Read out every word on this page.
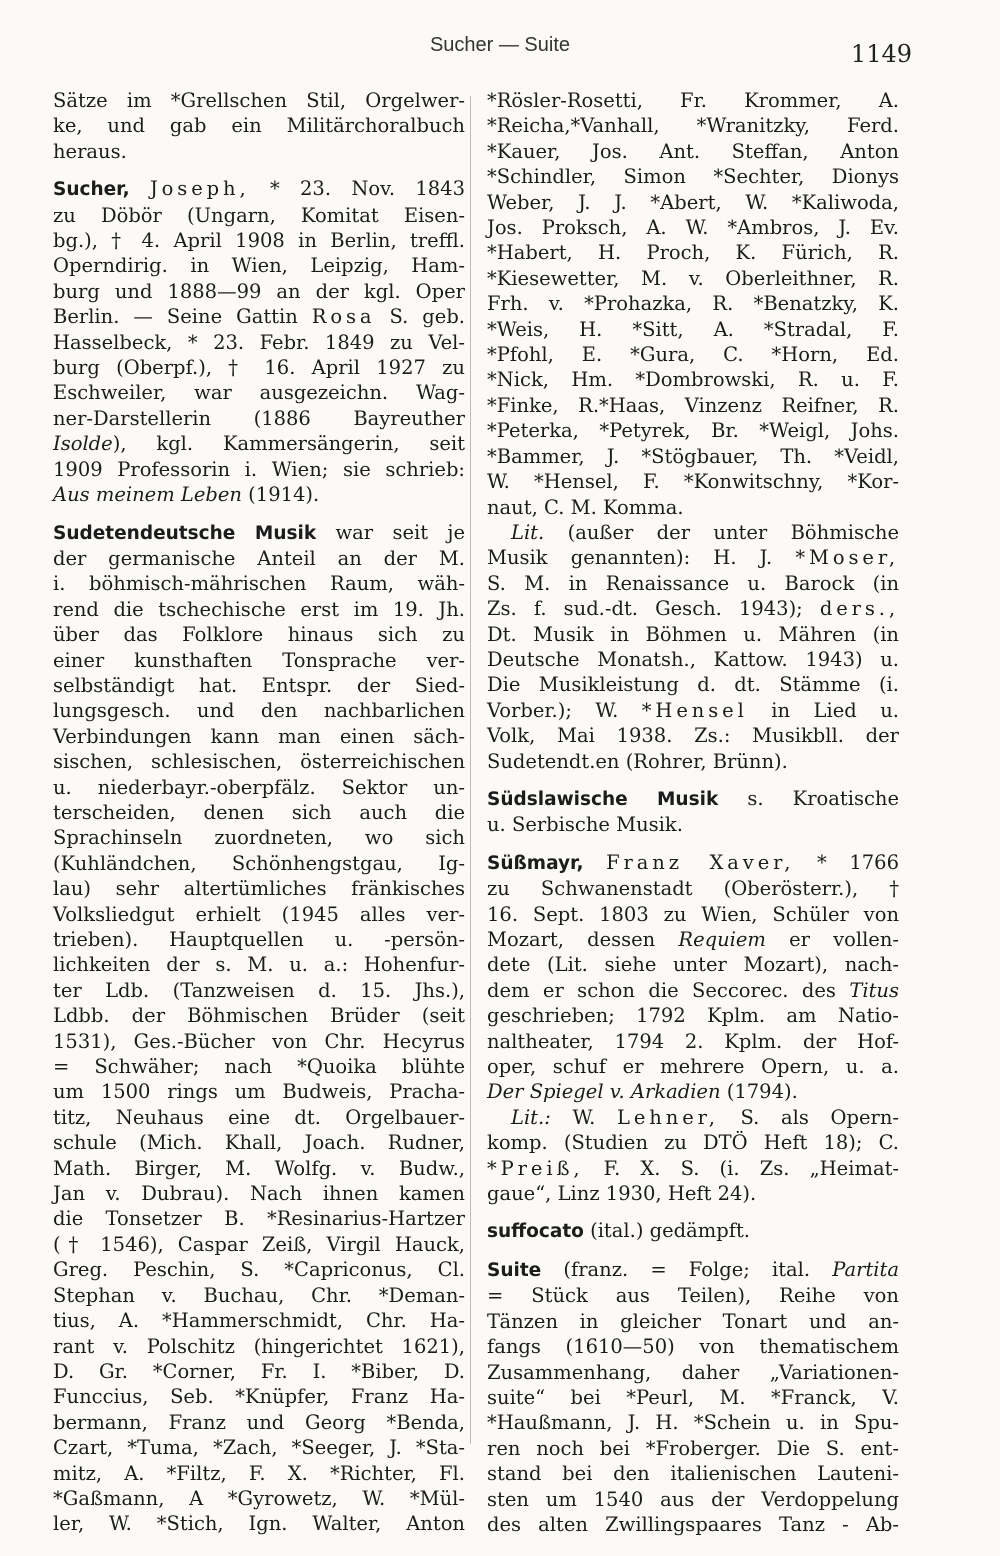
Sucher — Suite	1149
Sätze im *Grellschen Stil, Orgelwer-
ke, und gab ein Militärchoralbuch
heraus.
Sucher, Joseph, * 23. Nov. 1843
zu Döbör (Ungarn, Komitat Eisen-
bg.), † 4. April 1908 in Berlin, treffl.
Operndirig. in Wien, Leipzig, Ham-
burg und 1888—99 an der kgl. Oper
Berlin. — Seine Gattin Rosa S. geb.
Hasselbeck, * 23. Febr. 1849 zu Vel-
burg (Oberpf.), † 16. April 1927 zu
Eschweiler, war ausgezeichn. Wag-
ner-Darstellerin (1886 Bayreuther
Isolde), kgl. Kammersängerin, seit
1909 Professorin i. Wien; sie schrieb:
Aus meinem Leben (1914).
Sudetendeutsche Musik war seit je
der germanische Anteil an der M.
i. böhmisch-mährischen Raum, wäh-
rend die tschechische erst im 19. Jh.
über das Folklore hinaus sich zu
einer kunsthaften Tonsprache ver-
selbständigt hat. Entspr. der Sied-
lungsgesch. und den nachbarlichen
Verbindungen kann man einen säch-
sischen, schlesischen, österreichischen
u. niederbayr.-oberpfälz. Sektor un-
terscheiden, denen sich auch die
Sprachinseln zuordneten, wo sich
(Kuhländchen, Schönhengstgau, Ig-
lau) sehr altertümliches fränkisches
Volksliedgut erhielt (1945 alles ver-
trieben). Hauptquellen u. -persön-
lichkeiten der s. M. u. a.: Hohenfur-
ter Ldb. (Tanzweisen d. 15. Jhs.),
Ldbb. der Böhmischen Brüder (seit
1531), Ges.-Bücher von Chr. Hecyrus
= Schwäher; nach *Quoika blühte
um 1500 rings um Budweis, Pracha-
titz, Neuhaus eine dt. Orgelbauer-
schule (Mich. Khall, Joach. Rudner,
Math. Birger, M. Wolfg. v. Budw.,
Jan v. Dubrau). Nach ihnen kamen
die Tonsetzer B. *Resinarius-Hartzer
(† 1546), Caspar Zeiß, Virgil Hauck,
Greg. Peschin, S. *Capriconus, Cl.
Stephan v. Buchau, Chr. *Deman-
tius, A. *Hammerschmidt, Chr. Ha-
rant v. Polschitz (hingerichtet 1621),
D. Gr. *Corner, Fr. I. *Biber, D.
Funccius, Seb. *Knüpfer, Franz Ha-
bermann, Franz und Georg *Benda,
Czart, *Tuma, *Zach, *Seeger, J. *Sta-
mitz, A. *Filtz, F. X. *Richter, Fl.
*Gaßmann, A *Gyrowetz, W. *Mül-
ler, W. *Stich, Ign. Walter, Anton
*Rösler-Rosetti, Fr. Krommer, A.
*Reicha,*Vanhall, *Wranitzky, Ferd.
*Kauer, Jos. Ant. Steffan, Anton
*Schindler, Simon *Sechter, Dionys
Weber, J. J. *Abert, W. *Kaliwoda,
Jos. Proksch, A. W. *Ambros, J. Ev.
*Habert, H. Proch, K. Fürich, R.
*Kiesewetter, M. v. Oberleithner, R.
Frh. v. *Prohazka, R. *Benatzky, K.
*Weis, H. *Sitt, A. *Stradal, F.
*Pfohl, E. *Gura, C. *Horn, Ed.
*Nick, Hm. *Dombrowski, R. u. F.
*Finke, R.*Haas, Vinzenz Reifner, R.
*Peterka, *Petyrek, Br. *Weigl, Johs.
*Bammer, J. *Stögbauer, Th. *Veidl,
W. *Hensel, F. *Konwitschny, *Kor-
naut, C. M. Komma.
Lit. (außer der unter Böhmische
Musik genannten): H. J. *Moser,
S. M. in Renaissance u. Barock (in
Zs. f. sud.-dt. Gesch. 1943); ders.,
Dt. Musik in Böhmen u. Mähren (in
Deutsche Monatsh., Kattow. 1943) u.
Die Musikleistung d. dt. Stämme (i.
Vorber.); W. *Hensel in Lied u.
Volk, Mai 1938. Zs.: Musikbll. der
Sudetendt.en (Rohrer, Brünn).
Südslawische Musik s. Kroatische
u. Serbische Musik.
Süßmayr, Franz Xaver, * 1766
zu Schwanenstadt (Oberösterr.), †
16. Sept. 1803 zu Wien, Schüler von
Mozart, dessen Requiem er vollen-
dete (Lit. siehe unter Mozart), nach-
dem er schon die Seccorec. des Titus
geschrieben; 1792 Kplm. am Natio-
naltheater, 1794 2. Kplm. der Hof-
oper, schuf er mehrere Opern, u. a.
Der Spiegel v. Arkadien (1794).
Lit.: W. Lehner, S. als Opern-
komp. (Studien zu DTÖ Heft 18); C.
*Preiß, F. X. S. (i. Zs. „Heimat-
gaue“, Linz 1930, Heft 24).
suffocato (ital.) gedämpft.
Suite (franz. = Folge; ital. Partita
= Stück aus Teilen), Reihe von
Tänzen in gleicher Tonart und an-
fangs (1610—50) von thematischem
Zusammenhang, daher „Variationen-
suite“ bei *Peurl, M. *Franck, V.
*Haußmann, J. H. *Schein u. in Spu-
ren noch bei *Froberger. Die S. ent-
stand bei den italienischen Lauteni-
sten um 1540 aus der Verdoppelung
des alten Zwillingspaares Tanz - Ab-
